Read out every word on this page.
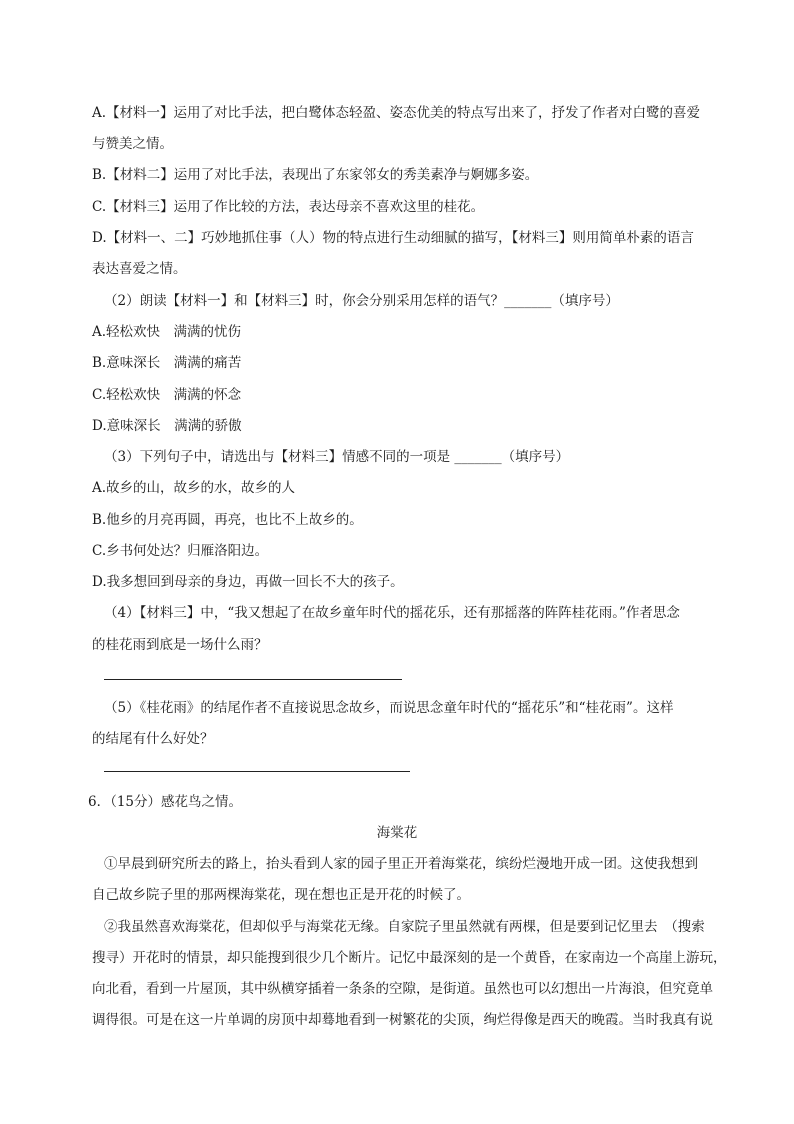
A.【材料一】运用了对比手法，把白鹭体态轻盈、姿态优美的特点写出来了，抒发了作者对白鹭的喜爱
与赞美之情。
B.【材料二】运用了对比手法，表现出了东家邻女的秀美素净与婀娜多姿。
C.【材料三】运用了作比较的方法，表达母亲不喜欢这里的桂花。
D.【材料一、二】巧妙地抓住事（人）物的特点进行生动细腻的描写，【材料三】则用简单朴素的语言
表达喜爱之情。
（2）朗读【材料一】和【材料三】时，你会分别采用怎样的语气？_______（填序号）
A.轻松欢快　满满的忧伤
B.意味深长　满满的痛苦
C.轻松欢快　满满的怀念
D.意味深长　满满的骄傲
（3）下列句子中，请选出与【材料三】情感不同的一项是 _______（填序号）
A.故乡的山，故乡的水，故乡的人
B.他乡的月亮再圆，再亮，也比不上故乡的。
C.乡书何处达？归雁洛阳边。
D.我多想回到母亲的身边，再做一回长不大的孩子。
（4）【材料三】中，“我又想起了在故乡童年时代的摇花乐，还有那摇落的阵阵桂花雨。”作者思念
的桂花雨到底是一场什么雨？
（5）《桂花雨》的结尾作者不直接说思念故乡，而说思念童年时代的“摇花乐”和“桂花雨”。这样
的结尾有什么好处？
6．（15分）感花鸟之情。
海棠花
①早晨到研究所去的路上，抬头看到人家的园子里正开着海棠花，缤纷烂漫地开成一团。这使我想到
自己故乡院子里的那两棵海棠花，现在想也正是开花的时候了。
②我虽然喜欢海棠花，但却似乎与海棠花无缘。自家院子里虽然就有两棵，但是要到记忆里去　（搜索
搜寻）开花时的情景，却只能搜到很少几个断片。记忆中最深刻的是一个黄昏，在家南边一个高崖上游玩，
向北看，看到一片屋顶，其中纵横穿插着一条条的空隙，是街道。虽然也可以幻想出一片海浪，但究竟单
调得很。可是在这一片单调的房顶中却蓦地看到一树繁花的尖顶，绚烂得像是西天的晚霞。当时我真有说
